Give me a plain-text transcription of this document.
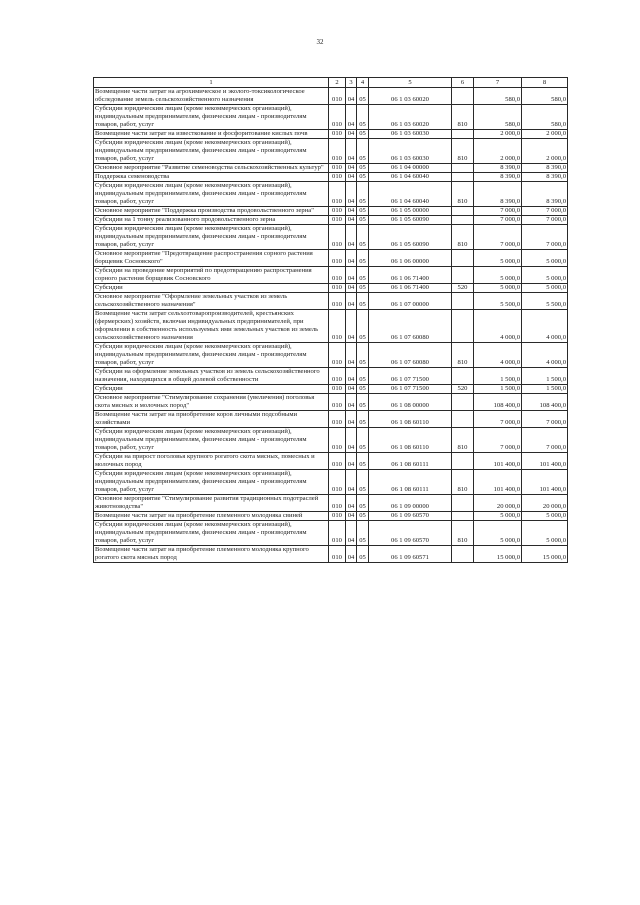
32
1	2	3	4	5	6	7	8
Возмещение части затрат на агрохимическое и эколого-токсикологическое обследование земель сельскохозяйственного назначения	010	04	05	06 1 03 60020		580,0	580,0
Субсидии юридическим лицам (кроме некоммерческих организаций), индивидуальным предпринимателям, физическим лицам - производителям товаров, работ, услуг	010	04	05	06 1 03 60020	810	580,0	580,0
Возмещение части затрат на известкование и фосфоритование кислых почв	010	04	05	06 1 03 60030		2 000,0	2 000,0
Субсидии юридическим лицам (кроме некоммерческих организаций), индивидуальным предпринимателям, физическим лицам - производителям товаров, работ, услуг	010	04	05	06 1 03 60030	810	2 000,0	2 000,0
Основное мероприятие "Развитие семеноводства сельскохозяйственных культур"	010	04	05	06 1 04 00000		8 390,0	8 390,0
Поддержка семеноводства	010	04	05	06 1 04 60040		8 390,0	8 390,0
Субсидии юридическим лицам (кроме некоммерческих организаций), индивидуальным предпринимателям, физическим лицам - производителям товаров, работ, услуг	010	04	05	06 1 04 60040	810	8 390,0	8 390,0
Основное мероприятие "Поддержка производства продовольственного зерна"	010	04	05	06 1 05 00000		7 000,0	7 000,0
Субсидии на 1 тонну реализованного продовольственного зерна	010	04	05	06 1 05 60090		7 000,0	7 000,0
Субсидии юридическим лицам (кроме некоммерческих организаций), индивидуальным предпринимателям, физическим лицам - производителям товаров, работ, услуг	010	04	05	06 1 05 60090	810	7 000,0	7 000,0
Основное мероприятие "Предотвращение распространения сорного растения борщевик Сосновского"	010	04	05	06 1 06 00000		5 000,0	5 000,0
Субсидии на проведение мероприятий по предотвращению распространения сорного растения борщевик Сосновского	010	04	05	06 1 06 71400		5 000,0	5 000,0
Субсидии	010	04	05	06 1 06 71400	520	5 000,0	5 000,0
Основное мероприятие "Оформление земельных участков из земель сельскохозяйственного назначения"	010	04	05	06 1 07 00000		5 500,0	5 500,0
Возмещение части затрат сельхозтоваропроизводителей, крестьянских (фермерских) хозяйств, включая индивидуальных предпринимателей, при оформлении в собственность используемых ими земельных участков из земель сельскохозяйственного назначения	010	04	05	06 1 07 60080		4 000,0	4 000,0
Субсидии юридическим лицам (кроме некоммерческих организаций), индивидуальным предпринимателям, физическим лицам - производителям товаров, работ, услуг	010	04	05	06 1 07 60080	810	4 000,0	4 000,0
Субсидии на оформление земельных участков из земель сельскохозяйственного назначения, находящихся в общей долевой собственности	010	04	05	06 1 07 71500		1 500,0	1 500,0
Субсидии	010	04	05	06 1 07 71500	520	1 500,0	1 500,0
Основное мероприятие "Стимулирование сохранения (увеличения) поголовья скота мясных и молочных пород"	010	04	05	06 1 08 00000		108 400,0	108 400,0
Возмещение части затрат на приобретение коров личными подсобными хозяйствами	010	04	05	06 1 08 60110		7 000,0	7 000,0
Субсидии юридическим лицам (кроме некоммерческих организаций), индивидуальным предпринимателям, физическим лицам - производителям товаров, работ, услуг	010	04	05	06 1 08 60110	810	7 000,0	7 000,0
Субсидии на прирост поголовья крупного рогатого скота мясных, помесных и молочных пород	010	04	05	06 1 08 60111		101 400,0	101 400,0
Субсидии юридическим лицам (кроме некоммерческих организаций), индивидуальным предпринимателям, физическим лицам - производителям товаров, работ, услуг	010	04	05	06 1 08 60111	810	101 400,0	101 400,0
Основное мероприятие "Стимулирование развития традиционных подотраслей животноводства"	010	04	05	06 1 09 00000		20 000,0	20 000,0
Возмещение части затрат на приобретение племенного молодняка свиней	010	04	05	06 1 09 60570		5 000,0	5 000,0
Субсидии юридическим лицам (кроме некоммерческих организаций), индивидуальным предпринимателям, физическим лицам - производителям товаров, работ, услуг	010	04	05	06 1 09 60570	810	5 000,0	5 000,0
Возмещение части затрат на приобретение племенного молодняка крупного рогатого скота мясных пород	010	04	05	06 1 09 60571		15 000,0	15 000,0
